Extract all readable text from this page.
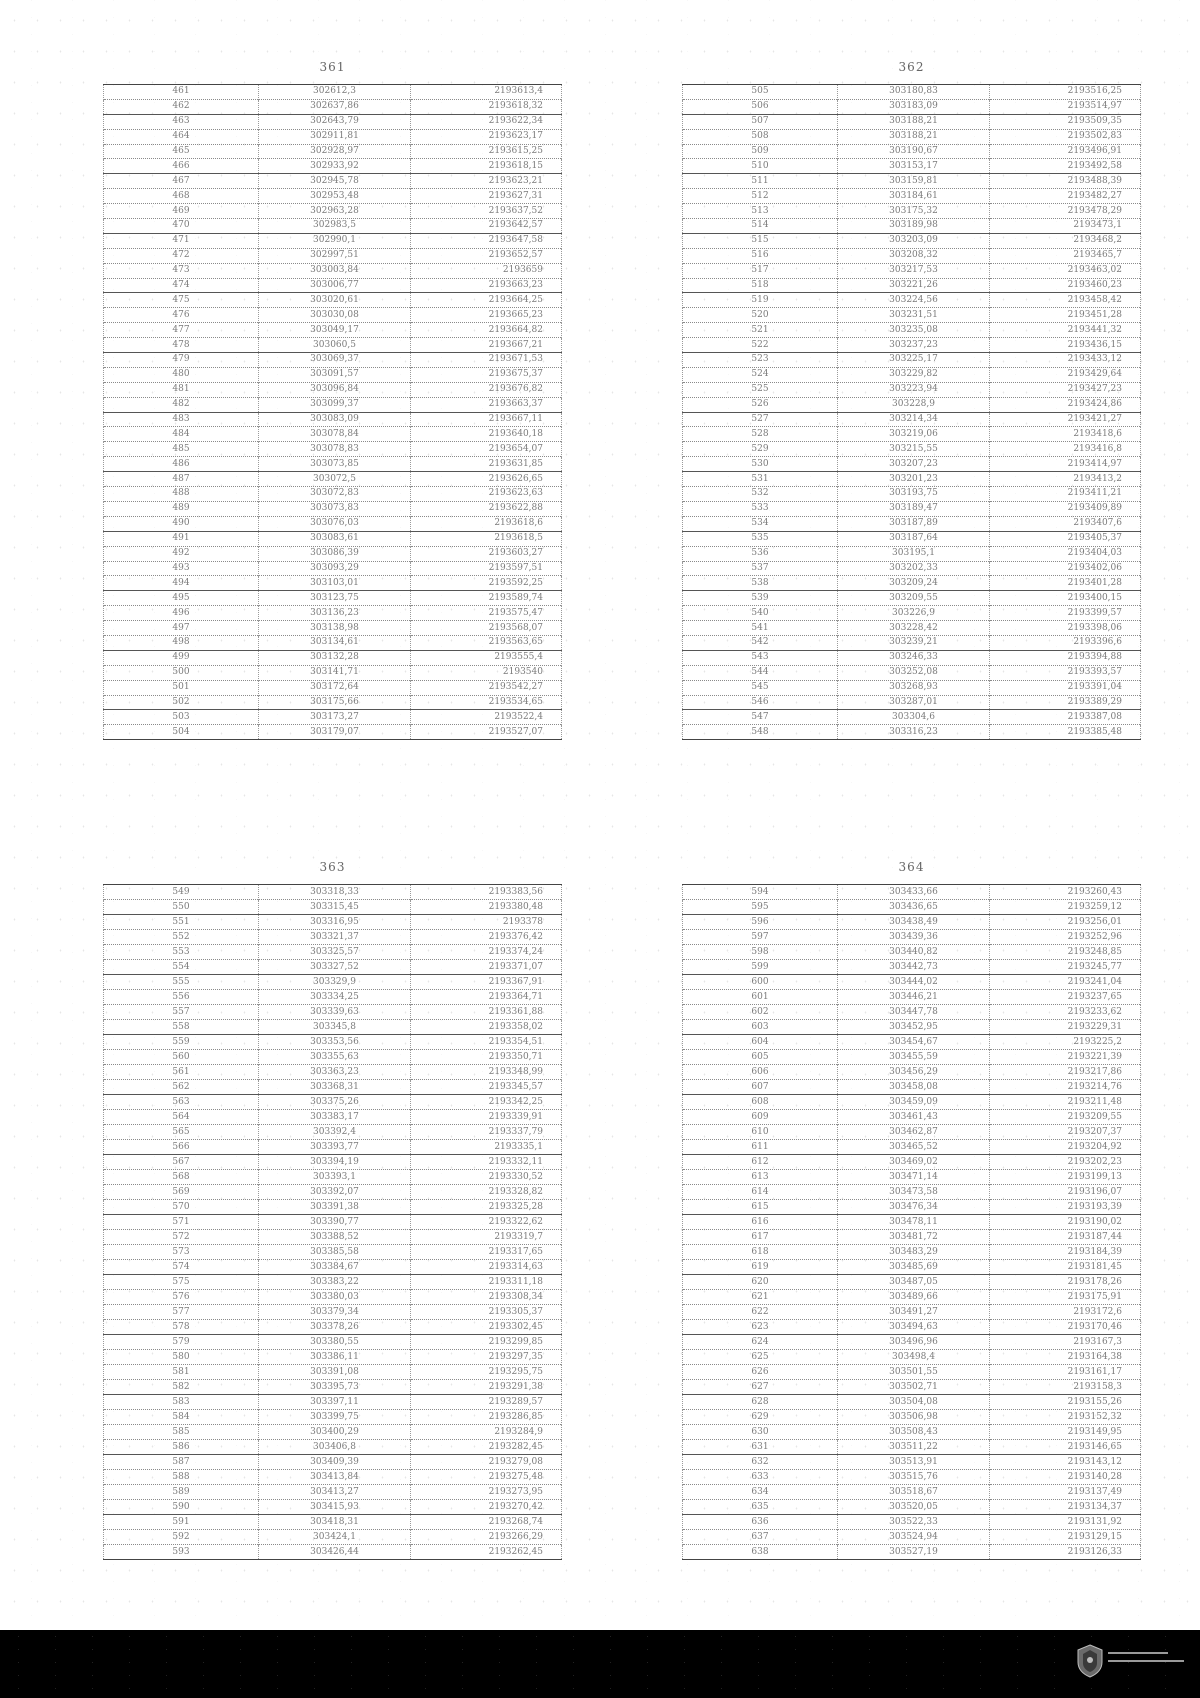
361
461	302612,3	2193613,4
462	302637,86	2193618,32
463	302643,79	2193622,34
464	302911,81	2193623,17
465	302928,97	2193615,25
466	302933,92	2193618,15
467	302945,78	2193623,21
468	302953,48	2193627,31
469	302963,28	2193637,52
470	302983,5	2193642,57
471	302990,1	2193647,58
472	302997,51	2193652,57
473	303003,84	2193659
474	303006,77	2193663,23
475	303020,61	2193664,25
476	303030,08	2193665,23
477	303049,17	2193664,82
478	303060,5	2193667,21
479	303069,37	2193671,53
480	303091,57	2193675,37
481	303096,84	2193676,82
482	303099,37	2193663,37
483	303083,09	2193667,11
484	303078,84	2193640,18
485	303078,83	2193654,07
486	303073,85	2193631,85
487	303072,5	2193626,65
488	303072,83	2193623,63
489	303073,83	2193622,88
490	303076,03	2193618,6
491	303083,61	2193618,5
492	303086,39	2193603,27
493	303093,29	2193597,51
494	303103,01	2193592,25
495	303123,75	2193589,74
496	303136,23	2193575,47
497	303138,98	2193568,07
498	303134,61	2193563,65
499	303132,28	2193555,4
500	303141,71	2193540
501	303172,64	2193542,27
502	303175,66	2193534,65
503	303173,27	2193522,4
504	303179,07	2193527,07
362
505	303180,83	2193516,25
506	303183,09	2193514,97
507	303188,21	2193509,35
508	303188,21	2193502,83
509	303190,67	2193496,91
510	303153,17	2193492,58
511	303159,81	2193488,39
512	303184,61	2193482,27
513	303175,32	2193478,29
514	303189,98	2193473,1
515	303203,09	2193468,2
516	303208,32	2193465,7
517	303217,53	2193463,02
518	303221,26	2193460,23
519	303224,56	2193458,42
520	303231,51	2193451,28
521	303235,08	2193441,32
522	303237,23	2193436,15
523	303225,17	2193433,12
524	303229,82	2193429,64
525	303223,94	2193427,23
526	303228,9	2193424,86
527	303214,34	2193421,27
528	303219,06	2193418,6
529	303215,55	2193416,8
530	303207,23	2193414,97
531	303201,23	2193413,2
532	303193,75	2193411,21
533	303189,47	2193409,89
534	303187,89	2193407,6
535	303187,64	2193405,37
536	303195,1	2193404,03
537	303202,33	2193402,06
538	303209,24	2193401,28
539	303209,55	2193400,15
540	303226,9	2193399,57
541	303228,42	2193398,06
542	303239,21	2193396,6
543	303246,33	2193394,88
544	303252,08	2193393,57
545	303268,93	2193391,04
546	303287,01	2193389,29
547	303304,6	2193387,08
548	303316,23	2193385,48
363
549	303318,33	2193383,56
550	303315,45	2193380,48
551	303316,95	2193378
552	303321,37	2193376,42
553	303325,57	2193374,24
554	303327,52	2193371,07
555	303329,9	2193367,91
556	303334,25	2193364,71
557	303339,63	2193361,88
558	303345,8	2193358,02
559	303353,56	2193354,51
560	303355,63	2193350,71
561	303363,23	2193348,99
562	303368,31	2193345,57
563	303375,26	2193342,25
564	303383,17	2193339,91
565	303392,4	2193337,79
566	303393,77	2193335,1
567	303394,19	2193332,11
568	303393,1	2193330,52
569	303392,07	2193328,82
570	303391,38	2193325,28
571	303390,77	2193322,62
572	303388,52	2193319,7
573	303385,58	2193317,65
574	303384,67	2193314,63
575	303383,22	2193311,18
576	303380,03	2193308,34
577	303379,34	2193305,37
578	303378,26	2193302,45
579	303380,55	2193299,85
580	303386,11	2193297,35
581	303391,08	2193295,75
582	303395,73	2193291,38
583	303397,11	2193289,57
584	303399,75	2193286,85
585	303400,29	2193284,9
586	303406,8	2193282,45
587	303409,39	2193279,08
588	303413,84	2193275,48
589	303413,27	2193273,95
590	303415,93	2193270,42
591	303418,31	2193268,74
592	303424,1	2193266,29
593	303426,44	2193262,45
364
594	303433,66	2193260,43
595	303436,65	2193259,12
596	303438,49	2193256,01
597	303439,36	2193252,96
598	303440,82	2193248,85
599	303442,73	2193245,77
600	303444,02	2193241,04
601	303446,21	2193237,65
602	303447,78	2193233,62
603	303452,95	2193229,31
604	303454,67	2193225,2
605	303455,59	2193221,39
606	303456,29	2193217,86
607	303458,08	2193214,76
608	303459,09	2193211,48
609	303461,43	2193209,55
610	303462,87	2193207,37
611	303465,52	2193204,92
612	303469,02	2193202,23
613	303471,14	2193199,13
614	303473,58	2193196,07
615	303476,34	2193193,39
616	303478,11	2193190,02
617	303481,72	2193187,44
618	303483,29	2193184,39
619	303485,69	2193181,45
620	303487,05	2193178,26
621	303489,66	2193175,91
622	303491,27	2193172,6
623	303494,63	2193170,46
624	303496,96	2193167,3
625	303498,4	2193164,38
626	303501,55	2193161,17
627	303502,71	2193158,3
628	303504,08	2193155,26
629	303506,98	2193152,32
630	303508,43	2193149,95
631	303511,22	2193146,65
632	303513,91	2193143,12
633	303515,76	2193140,28
634	303518,67	2193137,49
635	303520,05	2193134,37
636	303522,33	2193131,92
637	303524,94	2193129,15
638	303527,19	2193126,33
